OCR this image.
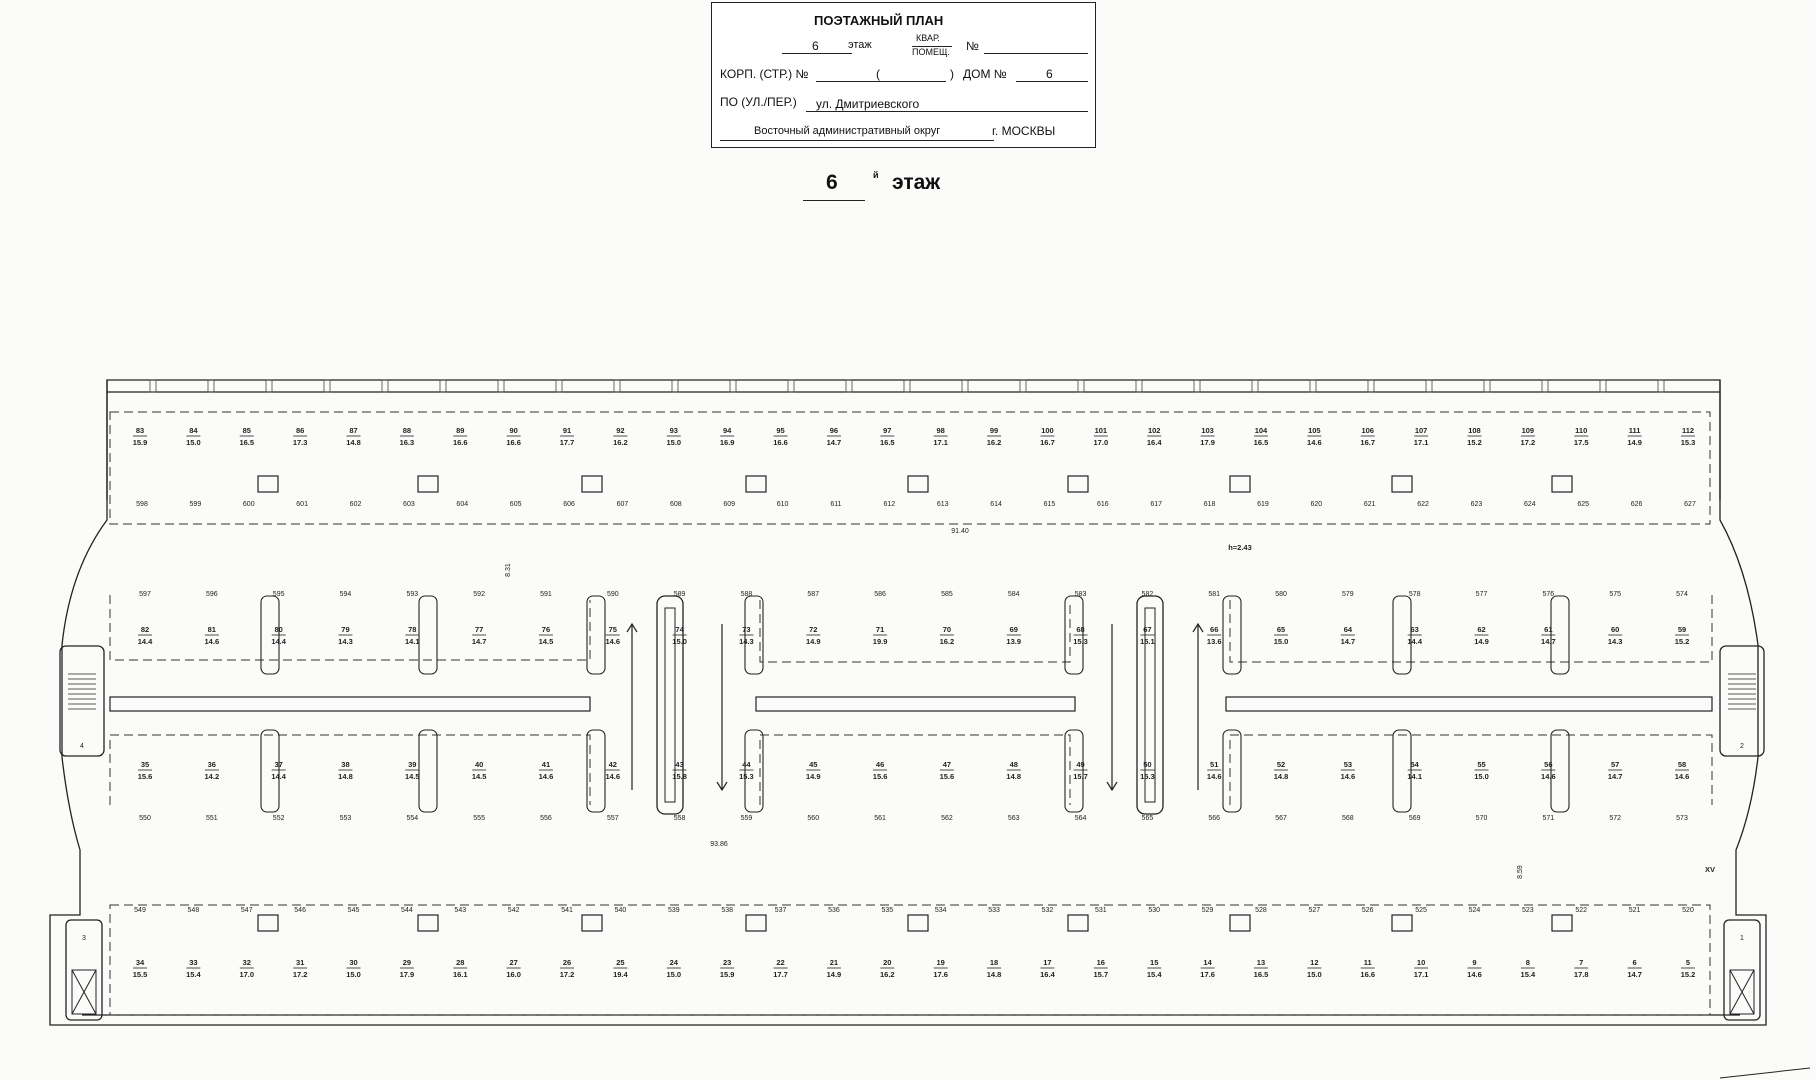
ПОЭТАЖНЫЙ ПЛАН
6	этаж
КВАР.
ПОМЕЩ. №
КОРП. (СТР.) №	(	) ДОМ №	6
ПО (УЛ./ПЕР.) ул. Дмитриевского
Восточный административный округ	г. МОСКВЫ
6	й этаж
4	2
3	1
83
15.9
84
15.0
85
16.5
86
17.3
87
14.8
88
16.3
89
16.6
90
16.6
91
17.7
92
16.2
93
15.0
94
16.9
95
16.6
96
14.7
97
16.5
98
17.1
99
16.2
100
16.7
101
17.0
102
16.4
103
17.9
104
16.5
105
14.6
106
16.7
107
17.1
108
15.2
109
17.2
110
17.5
111
14.9
112
15.3
598	599	600	601	602	603	604	605	606	607	608	609	610	611	612	613	614	615	616	617	618	619	620	621	622	623	624	625	626	627
597	596	595	594	593	592	591	590	589	588	587	586	585	584	583	582	581	580	579	578	577	576	575	574
82
14.4
81
14.6
80
14.4
79
14.3
78
14.1
77
14.7
76
14.5
75
14.6
74
15.0
73
14.3
72
14.9
71
19.9
70
16.2
69
13.9
68
15.3
67
15.1
66
13.6
65
15.0
64
14.7
63
14.4
62
14.9
61
14.7
60
14.3
59
15.2
35
15.6
36
14.2
37
14.4
38
14.8
39
14.5
40
14.5
41
14.6
42
14.6
43
15.8
44
15.3
45
14.9
46
15.6
47
15.6
48
14.8
49
15.7
50
15.3
51
14.6
52
14.8
53
14.6
54
14.1
55
15.0
56
14.6
57
14.7
58
14.6
550	551	552	553	554	555	556	557	558	559	560	561	562	563	564	565	566	567	568	569	570	571	572	573
549	548	547	546	545	544	543	542	541	540	539	538	537	536	535	534	533	532	531	530	529	528	527	526	525	524	523	522	521	520
34
15.5
33
15.4
32
17.0
31
17.2
30
15.0
29
17.9
28
16.1
27
16.0
26
17.2
25
19.4
24
15.0
23
15.9
22
17.7
21
14.9
20
16.2
19
17.6
18
14.8
17
16.4
16
15.7
15
15.4
14
17.6
13
16.5
12
15.0
11
16.6
10
17.1
9
14.6
8
15.4
7
17.8
6
14.7
5
15.2
91.40
93.86
h=2.43
8.31
8.59	XV
